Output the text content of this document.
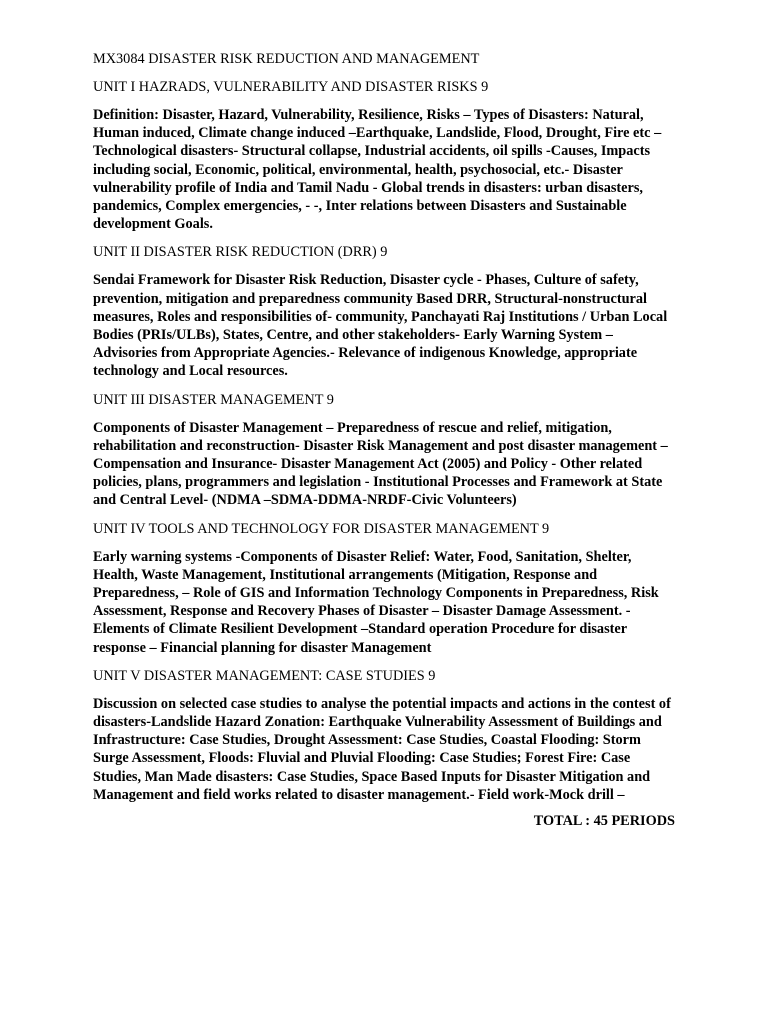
MX3084 DISASTER RISK REDUCTION AND MANAGEMENT
UNIT I HAZRADS, VULNERABILITY AND DISASTER RISKS 9
Definition: Disaster, Hazard, Vulnerability, Resilience, Risks – Types of Disasters: Natural, Human induced, Climate change induced –Earthquake, Landslide, Flood, Drought, Fire etc – Technological disasters- Structural collapse, Industrial accidents, oil spills -Causes, Impacts including social, Economic, political, environmental, health, psychosocial, etc.- Disaster vulnerability profile of India and Tamil Nadu - Global trends in disasters: urban disasters, pandemics, Complex emergencies, - -, Inter relations between Disasters and Sustainable development Goals.
UNIT II DISASTER RISK REDUCTION (DRR) 9
Sendai Framework for Disaster Risk Reduction, Disaster cycle - Phases, Culture of safety, prevention, mitigation and preparedness community Based DRR, Structural-nonstructural measures, Roles and responsibilities of- community, Panchayati Raj Institutions / Urban Local Bodies (PRIs/ULBs), States, Centre, and other stakeholders- Early Warning System – Advisories from Appropriate Agencies.- Relevance of indigenous Knowledge, appropriate technology and Local resources.
UNIT III DISASTER MANAGEMENT 9
Components of Disaster Management – Preparedness of rescue and relief, mitigation, rehabilitation and reconstruction- Disaster Risk Management and post disaster management – Compensation and Insurance- Disaster Management Act (2005) and Policy - Other related policies, plans, programmers and legislation - Institutional Processes and Framework at State and Central Level- (NDMA –SDMA-DDMA-NRDF-Civic Volunteers)
UNIT IV TOOLS AND TECHNOLOGY FOR DISASTER MANAGEMENT 9
Early warning systems -Components of Disaster Relief: Water, Food, Sanitation, Shelter, Health, Waste Management, Institutional arrangements (Mitigation, Response and Preparedness, – Role of GIS and Information Technology Components in Preparedness, Risk Assessment, Response and Recovery Phases of Disaster – Disaster Damage Assessment. - Elements of Climate Resilient Development –Standard operation Procedure for disaster response – Financial planning for disaster Management
UNIT V DISASTER MANAGEMENT: CASE STUDIES 9
Discussion on selected case studies to analyse the potential impacts and actions in the contest of disasters-Landslide Hazard Zonation: Earthquake Vulnerability Assessment of Buildings and Infrastructure: Case Studies, Drought Assessment: Case Studies, Coastal Flooding: Storm Surge Assessment, Floods: Fluvial and Pluvial Flooding: Case Studies; Forest Fire: Case Studies, Man Made disasters: Case Studies, Space Based Inputs for Disaster Mitigation and Management and field works related to disaster management.- Field work-Mock drill –
TOTAL : 45 PERIODS
